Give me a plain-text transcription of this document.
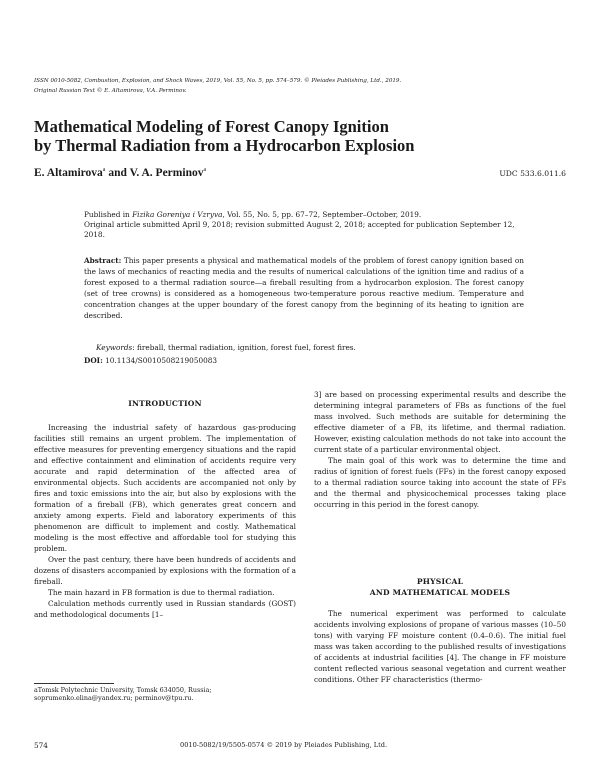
ISSN 0010-5082, Combustion, Explosion, and Shock Waves, 2019, Vol. 55, No. 5, pp. 574–579. © Pleiades Publishing, Ltd., 2019.
Original Russian Text © E. Altamirova, V.A. Perminov.
Mathematical Modeling of Forest Canopy Ignition
by Thermal Radiation from a Hydrocarbon Explosion
E. Altamirova$^a$ and V. A. Perminov$^a$	UDC 533.6.011.6

Published in Fizika Goreniya i Vzryva, Vol. 55, No. 5, pp. 67–72, September–October, 2019.

Original article submitted April 9, 2018; revision submitted August 2, 2018; accepted for publication September 12, 2018.

Abstract: This paper presents a physical and mathematical models of the problem of forest canopy ignition based on the laws of mechanics of reacting media and the results of numerical calculations of the ignition time and radius of a forest exposed to a thermal radiation source—a fireball resulting from a hydrocarbon explosion. The forest canopy (set of tree crowns) is considered as a homogeneous two-temperature porous reactive medium. Temperature and concentration changes at the upper boundary of the forest canopy from the beginning of its heating to ignition are described.
Keywords: fireball, thermal radiation, ignition, forest fuel, forest fires.
DOI: 10.1134/S0010508219050083
INTRODUCTION

Increasing the industrial safety of hazardous gas-producing facilities still remains an urgent problem. The implementation of effective measures for preventing emergency situations and the rapid and effective containment and elimination of accidents require very accurate and rapid determination of the affected area of environmental objects. Such accidents are accompanied not only by fires and toxic emissions into the air, but also by explosions with the formation of a fireball (FB), which generates great concern and anxiety among experts. Field and laboratory experiments of this phenomenon are difficult to implement and costly. Mathematical modeling is the most effective and affordable tool for studying this problem.

Over the past century, there have been hundreds of accidents and dozens of disasters accompanied by explosions with the formation of a fireball.

The main hazard in FB formation is due to thermal radiation.

Calculation methods currently used in Russian standards (GOST) and methodological documents [1–

3] are based on processing experimental results and describe the determining integral parameters of FBs as functions of the fuel mass involved. Such methods are suitable for determining the effective diameter of a FB, its lifetime, and thermal radiation. However, existing calculation methods do not take into account the current state of a particular environmental object.

The main goal of this work was to determine the time and radius of ignition of forest fuels (FFs) in the forest canopy exposed to a thermal radiation source taking into account the state of FFs and the thermal and physicochemical processes taking place occurring in this period in the forest canopy.

PHYSICAL
AND MATHEMATICAL MODELS

The numerical experiment was performed to calculate accidents involving explosions of propane of various masses (10–50 tons) with varying FF moisture content (0.4–0.6). The initial fuel mass was taken according to the published results of investigations of accidents at industrial facilities [4]. The change in FF moisture content reflected various seasonal vegetation and current weather conditions. Other FF characteristics (thermo-

aTomsk Polytechnic University, Tomsk 634050, Russia;

soprumenko.elina@yandex.ru; perminov@tpu.ru.

574	0010-5082/19/5505-0574 © 2019 by Pleiades Publishing, Ltd.
